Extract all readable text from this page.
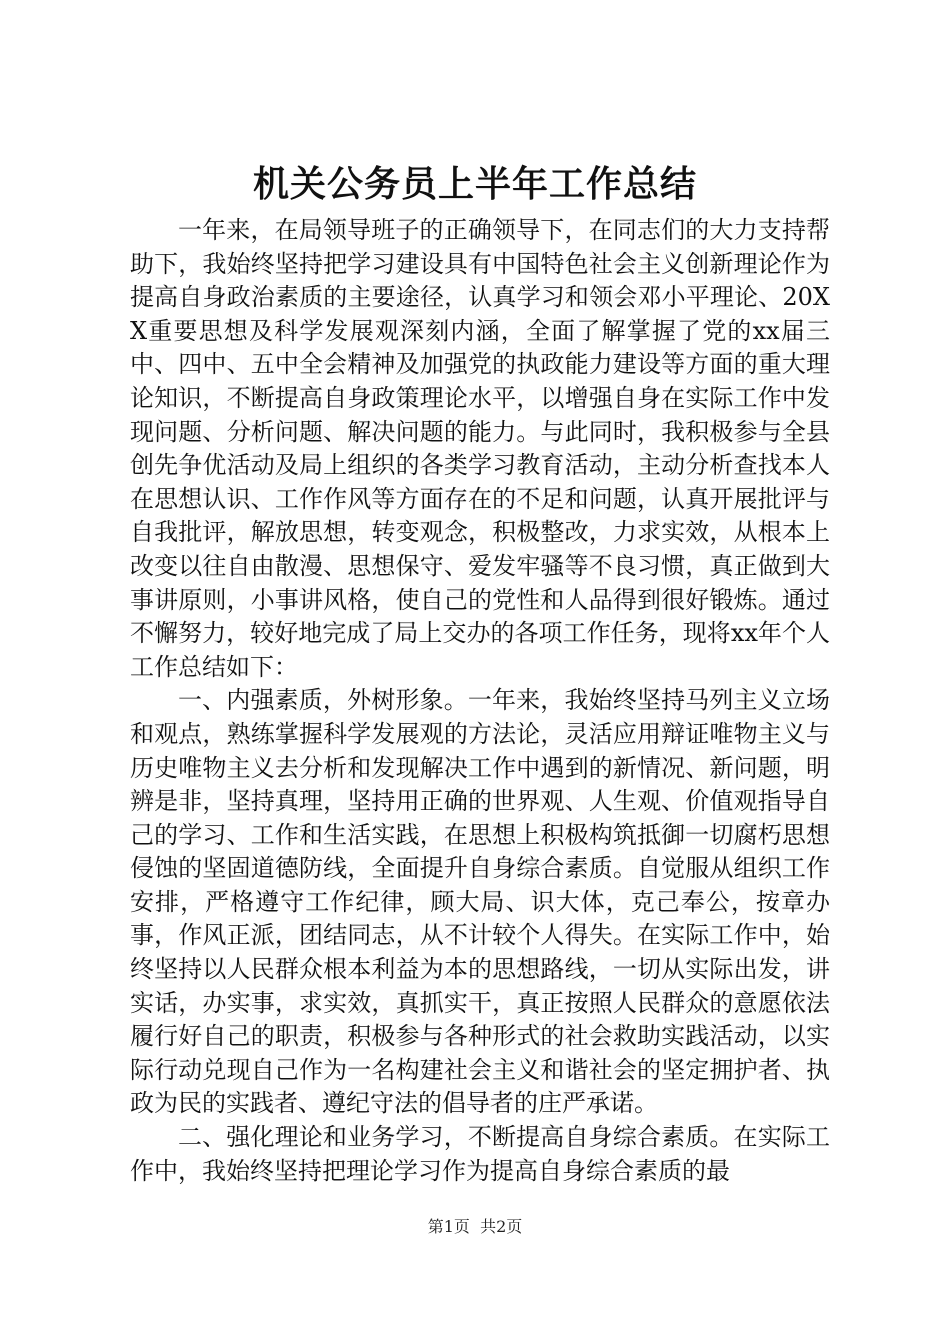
机关公务员上半年工作总结

一年来，在局领导班子的正确领导下，在同志们的大力支持帮助下，我始终坚持把学习建设具有中国特色社会主义创新理论作为提高自身政治素质的主要途径，认真学习和领会邓小平理论、20XX重要思想及科学发展观深刻内涵，全面了解掌握了党的xx届三中、四中、五中全会精神及加强党的执政能力建设等方面的重大理论知识，不断提高自身政策理论水平，以增强自身在实际工作中发现问题、分析问题、解决问题的能力。与此同时，我积极参与全县创先争优活动及局上组织的各类学习教育活动，主动分析查找本人在思想认识、工作作风等方面存在的不足和问题，认真开展批评与自我批评，解放思想，转变观念，积极整改，力求实效，从根本上改变以往自由散漫、思想保守、爱发牢骚等不良习惯，真正做到大事讲原则，小事讲风格，使自己的党性和人品得到很好锻炼。通过不懈努力，较好地完成了局上交办的各项工作任务，现将xx年个人工作总结如下：

一、内强素质，外树形象。一年来，我始终坚持马列主义立场和观点，熟练掌握科学发展观的方法论，灵活应用辩证唯物主义与历史唯物主义去分析和发现解决工作中遇到的新情况、新问题，明辨是非，坚持真理，坚持用正确的世界观、人生观、价值观指导自己的学习、工作和生活实践，在思想上积极构筑抵御一切腐朽思想侵蚀的坚固道德防线，全面提升自身综合素质。自觉服从组织工作安排，严格遵守工作纪律，顾大局、识大体，克己奉公，按章办事，作风正派，团结同志，从不计较个人得失。在实际工作中，始终坚持以人民群众根本利益为本的思想路线，一切从实际出发，讲实话，办实事，求实效，真抓实干，真正按照人民群众的意愿依法履行好自己的职责，积极参与各种形式的社会救助实践活动，以实际行动兑现自己作为一名构建社会主义和谐社会的坚定拥护者、执政为民的实践者、遵纪守法的倡导者的庄严承诺。

二、强化理论和业务学习，不断提高自身综合素质。在实际工作中，我始终坚持把理论学习作为提高自身综合素质的最

第1页 共2页
